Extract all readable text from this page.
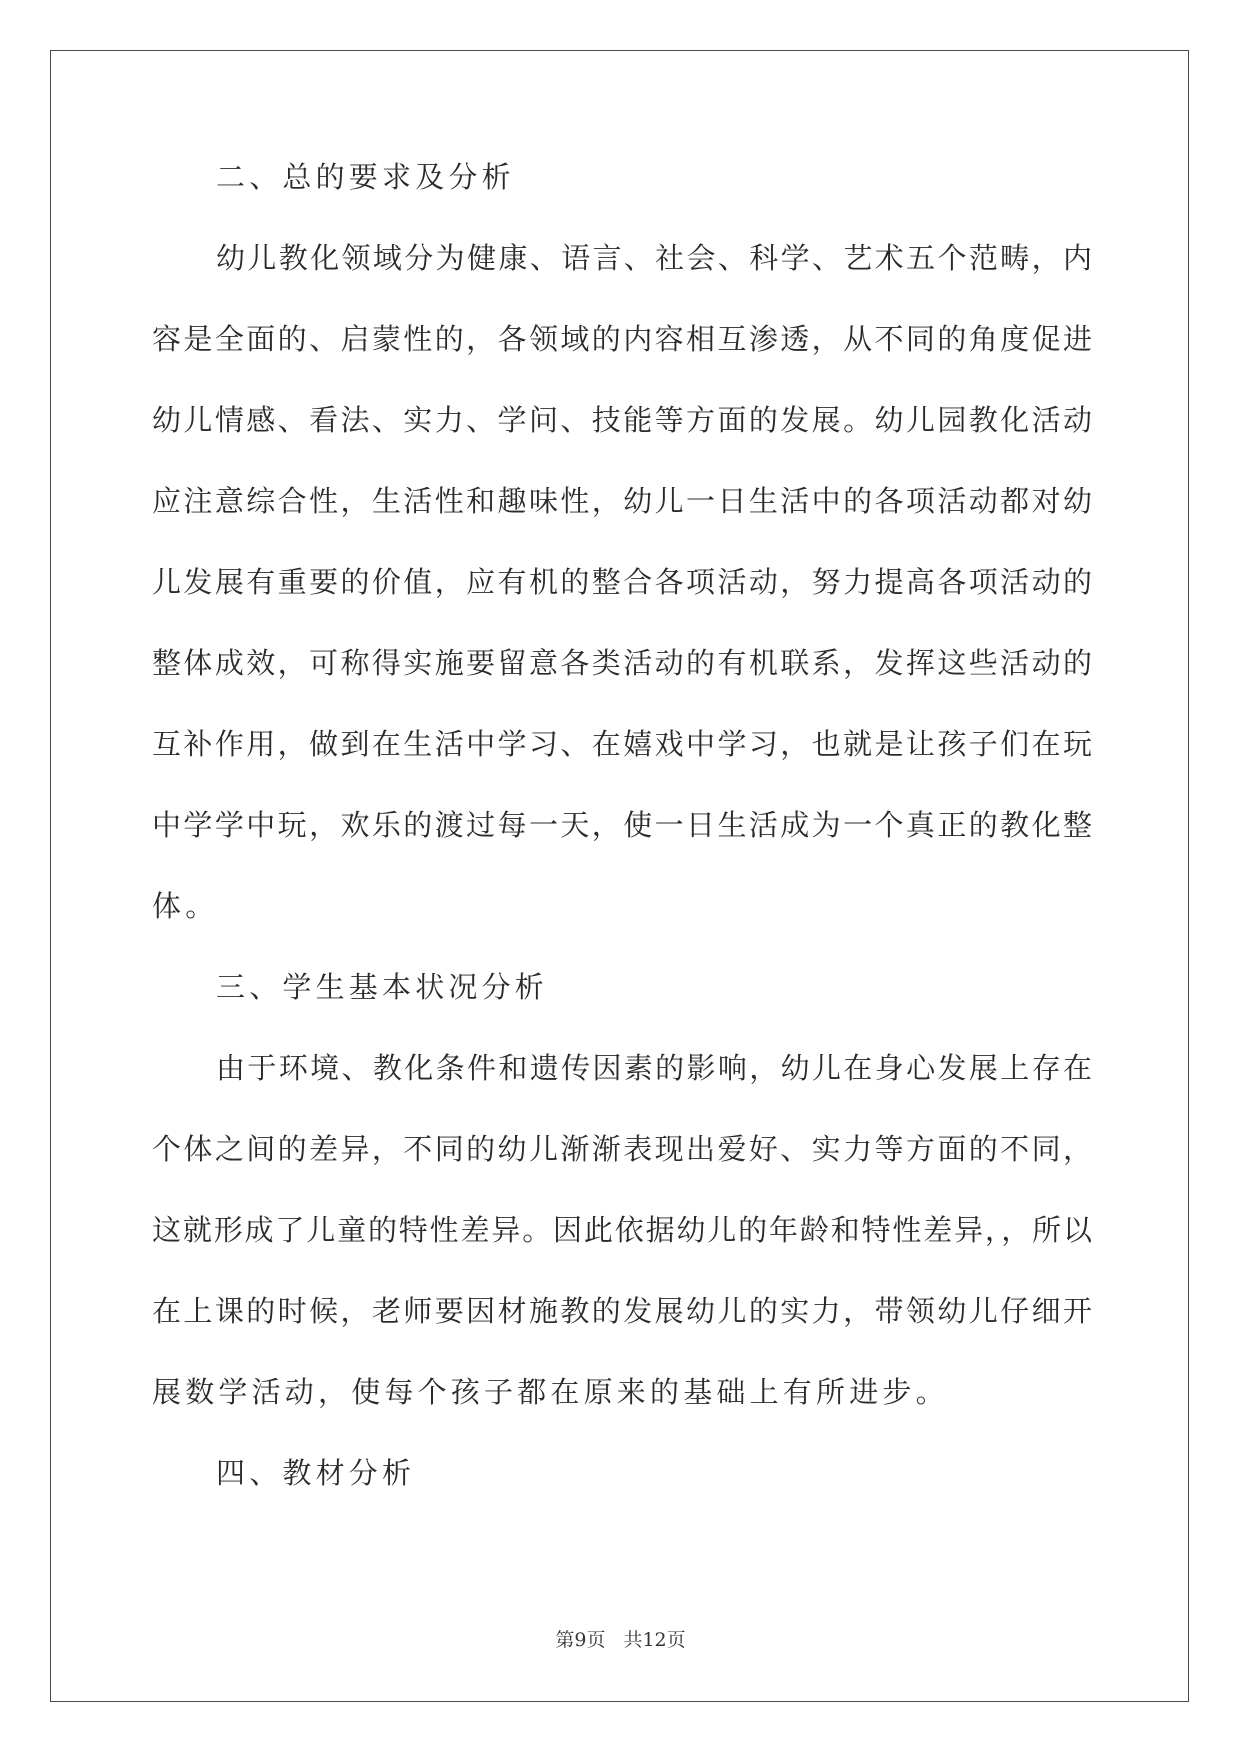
二、总的要求及分析
幼儿教化领域分为健康、语言、社会、科学、艺术五个范畴，内
容是全面的、启蒙性的，各领域的内容相互渗透，从不同的角度促进
幼儿情感、看法、实力、学问、技能等方面的发展。幼儿园教化活动
应注意综合性，生活性和趣味性，幼儿一日生活中的各项活动都对幼
儿发展有重要的价值，应有机的整合各项活动，努力提高各项活动的
整体成效，可称得实施要留意各类活动的有机联系，发挥这些活动的
互补作用，做到在生活中学习、在嬉戏中学习，也就是让孩子们在玩
中学学中玩，欢乐的渡过每一天，使一日生活成为一个真正的教化整
体。
三、学生基本状况分析
由于环境、教化条件和遗传因素的影响，幼儿在身心发展上存在
个体之间的差异，不同的幼儿渐渐表现出爱好、实力等方面的不同，
这就形成了儿童的特性差异。因此依据幼儿的年龄和特性差异，，所以
在上课的时候，老师要因材施教的发展幼儿的实力，带领幼儿仔细开
展数学活动，使每个孩子都在原来的基础上有所进步。
四、教材分析
第9页 共12页
